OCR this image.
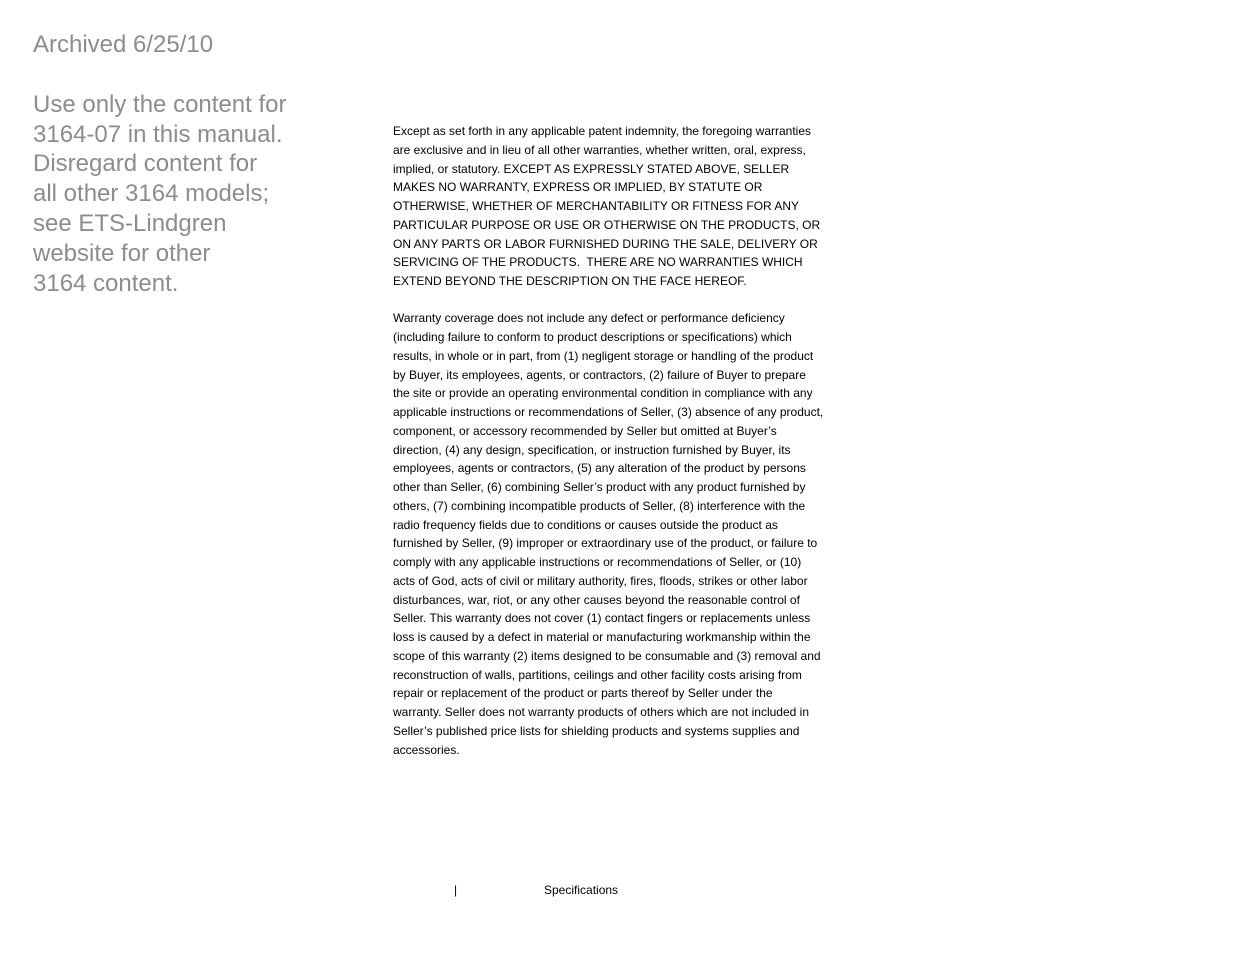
Archived 6/25/10
Use only the content for
3164-07 in this manual.
Disregard content for
all other 3164 models;
see ETS-Lindgren
website for other
3164 content.
Except as set forth in any applicable patent indemnity, the foregoing warranties
are exclusive and in lieu of all other warranties, whether written, oral, express,
implied, or statutory. EXCEPT AS EXPRESSLY STATED ABOVE, SELLER
MAKES NO WARRANTY, EXPRESS OR IMPLIED, BY STATUTE OR
OTHERWISE, WHETHER OF MERCHANTABILITY OR FITNESS FOR ANY
PARTICULAR PURPOSE OR USE OR OTHERWISE ON THE PRODUCTS, OR
ON ANY PARTS OR LABOR FURNISHED DURING THE SALE, DELIVERY OR
SERVICING OF THE PRODUCTS.  THERE ARE NO WARRANTIES WHICH
EXTEND BEYOND THE DESCRIPTION ON THE FACE HEREOF.
Warranty coverage does not include any defect or performance deficiency
(including failure to conform to product descriptions or specifications) which
results, in whole or in part, from (1) negligent storage or handling of the product
by Buyer, its employees, agents, or contractors, (2) failure of Buyer to prepare
the site or provide an operating environmental condition in compliance with any
applicable instructions or recommendations of Seller, (3) absence of any product,
component, or accessory recommended by Seller but omitted at Buyer’s
direction, (4) any design, specification, or instruction furnished by Buyer, its
employees, agents or contractors, (5) any alteration of the product by persons
other than Seller, (6) combining Seller’s product with any product furnished by
others, (7) combining incompatible products of Seller, (8) interference with the
radio frequency fields due to conditions or causes outside the product as
furnished by Seller, (9) improper or extraordinary use of the product, or failure to
comply with any applicable instructions or recommendations of Seller, or (10)
acts of God, acts of civil or military authority, fires, floods, strikes or other labor
disturbances, war, riot, or any other causes beyond the reasonable control of
Seller. This warranty does not cover (1) contact fingers or replacements unless
loss is caused by a defect in material or manufacturing workmanship within the
scope of this warranty (2) items designed to be consumable and (3) removal and
reconstruction of walls, partitions, ceilings and other facility costs arising from
repair or replacement of the product or parts thereof by Seller under the
warranty. Seller does not warranty products of others which are not included in
Seller’s published price lists for shielding products and systems supplies and
accessories.
|	Specifications
